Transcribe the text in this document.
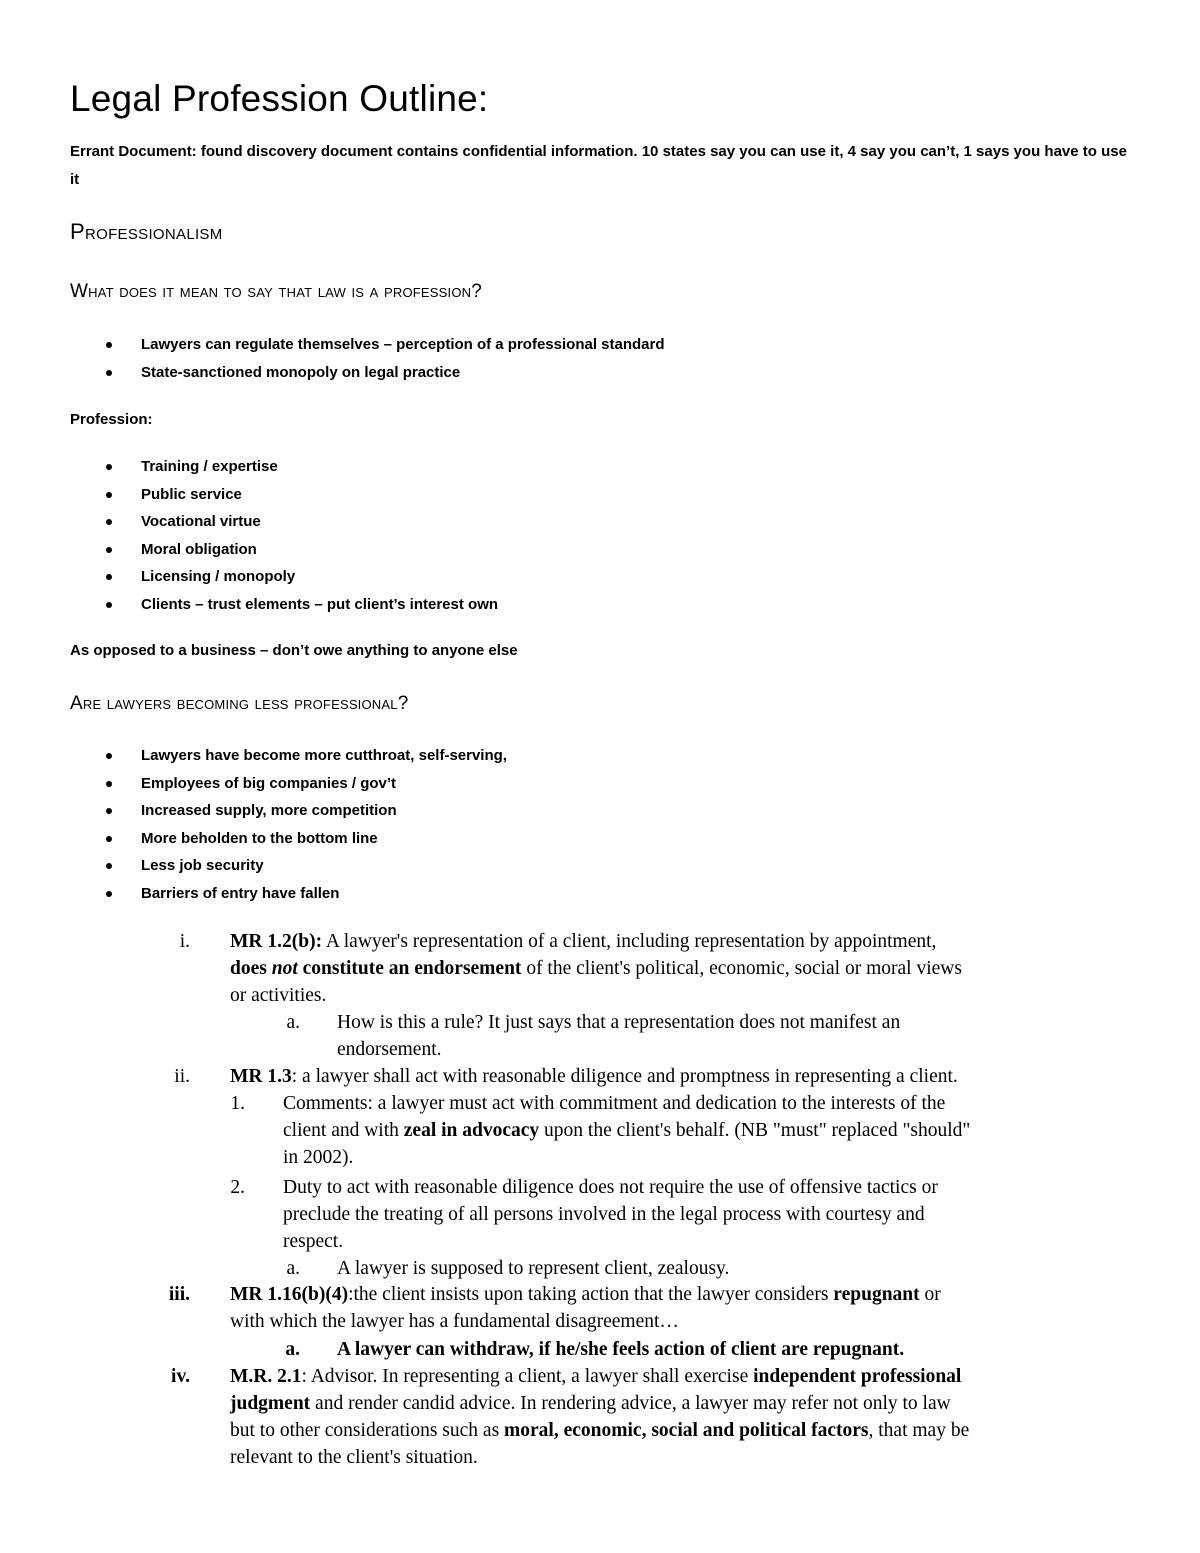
Legal Profession Outline:

Errant Document: found discovery document contains confidential information. 10 states say you can use it, 4 say you can’t, 1 says you have to use it

Professionalism
What does it mean to say that law is a profession?
Lawyers can regulate themselves – perception of a professional standard
State-sanctioned monopoly on legal practice

Profession:

Training / expertise
Public service
Vocational virtue
Moral obligation
Licensing / monopoly
Clients – trust elements – put client’s interest own

As opposed to a business – don’t owe anything to anyone else

Are lawyers becoming less professional?
Lawyers have become more cutthroat, self-serving,
Employees of big companies / gov’t
Increased supply, more competition
More beholden to the bottom line
Less job security
Barriers of entry have fallen
i. MR 1.2(b): A lawyer's representation of a client, including representation by appointment,

does not constitute an endorsement of the client's political, economic, social or moral views

or activities.

a. How is this a rule? It just says that a representation does not manifest an

endorsement.

ii. MR 1.3: a lawyer shall act with reasonable diligence and promptness in representing a client.

1. Comments: a lawyer must act with commitment and dedication to the interests of the

client and with zeal in advocacy upon the client's behalf. (NB "must" replaced "should"

in 2002).

2. Duty to act with reasonable diligence does not require the use of offensive tactics or

preclude the treating of all persons involved in the legal process with courtesy and

respect.

a. A lawyer is supposed to represent client, zealousy.

iii. MR 1.16(b)(4):the client insists upon taking action that the lawyer considers repugnant or

with which the lawyer has a fundamental disagreement…

a. A lawyer can withdraw, if he/she feels action of client are repugnant.

iv. M.R. 2.1: Advisor. In representing a client, a lawyer shall exercise independent professional

judgment and render candid advice. In rendering advice, a lawyer may refer not only to law

but to other considerations such as moral, economic, social and political factors, that may be

relevant to the client's situation.
